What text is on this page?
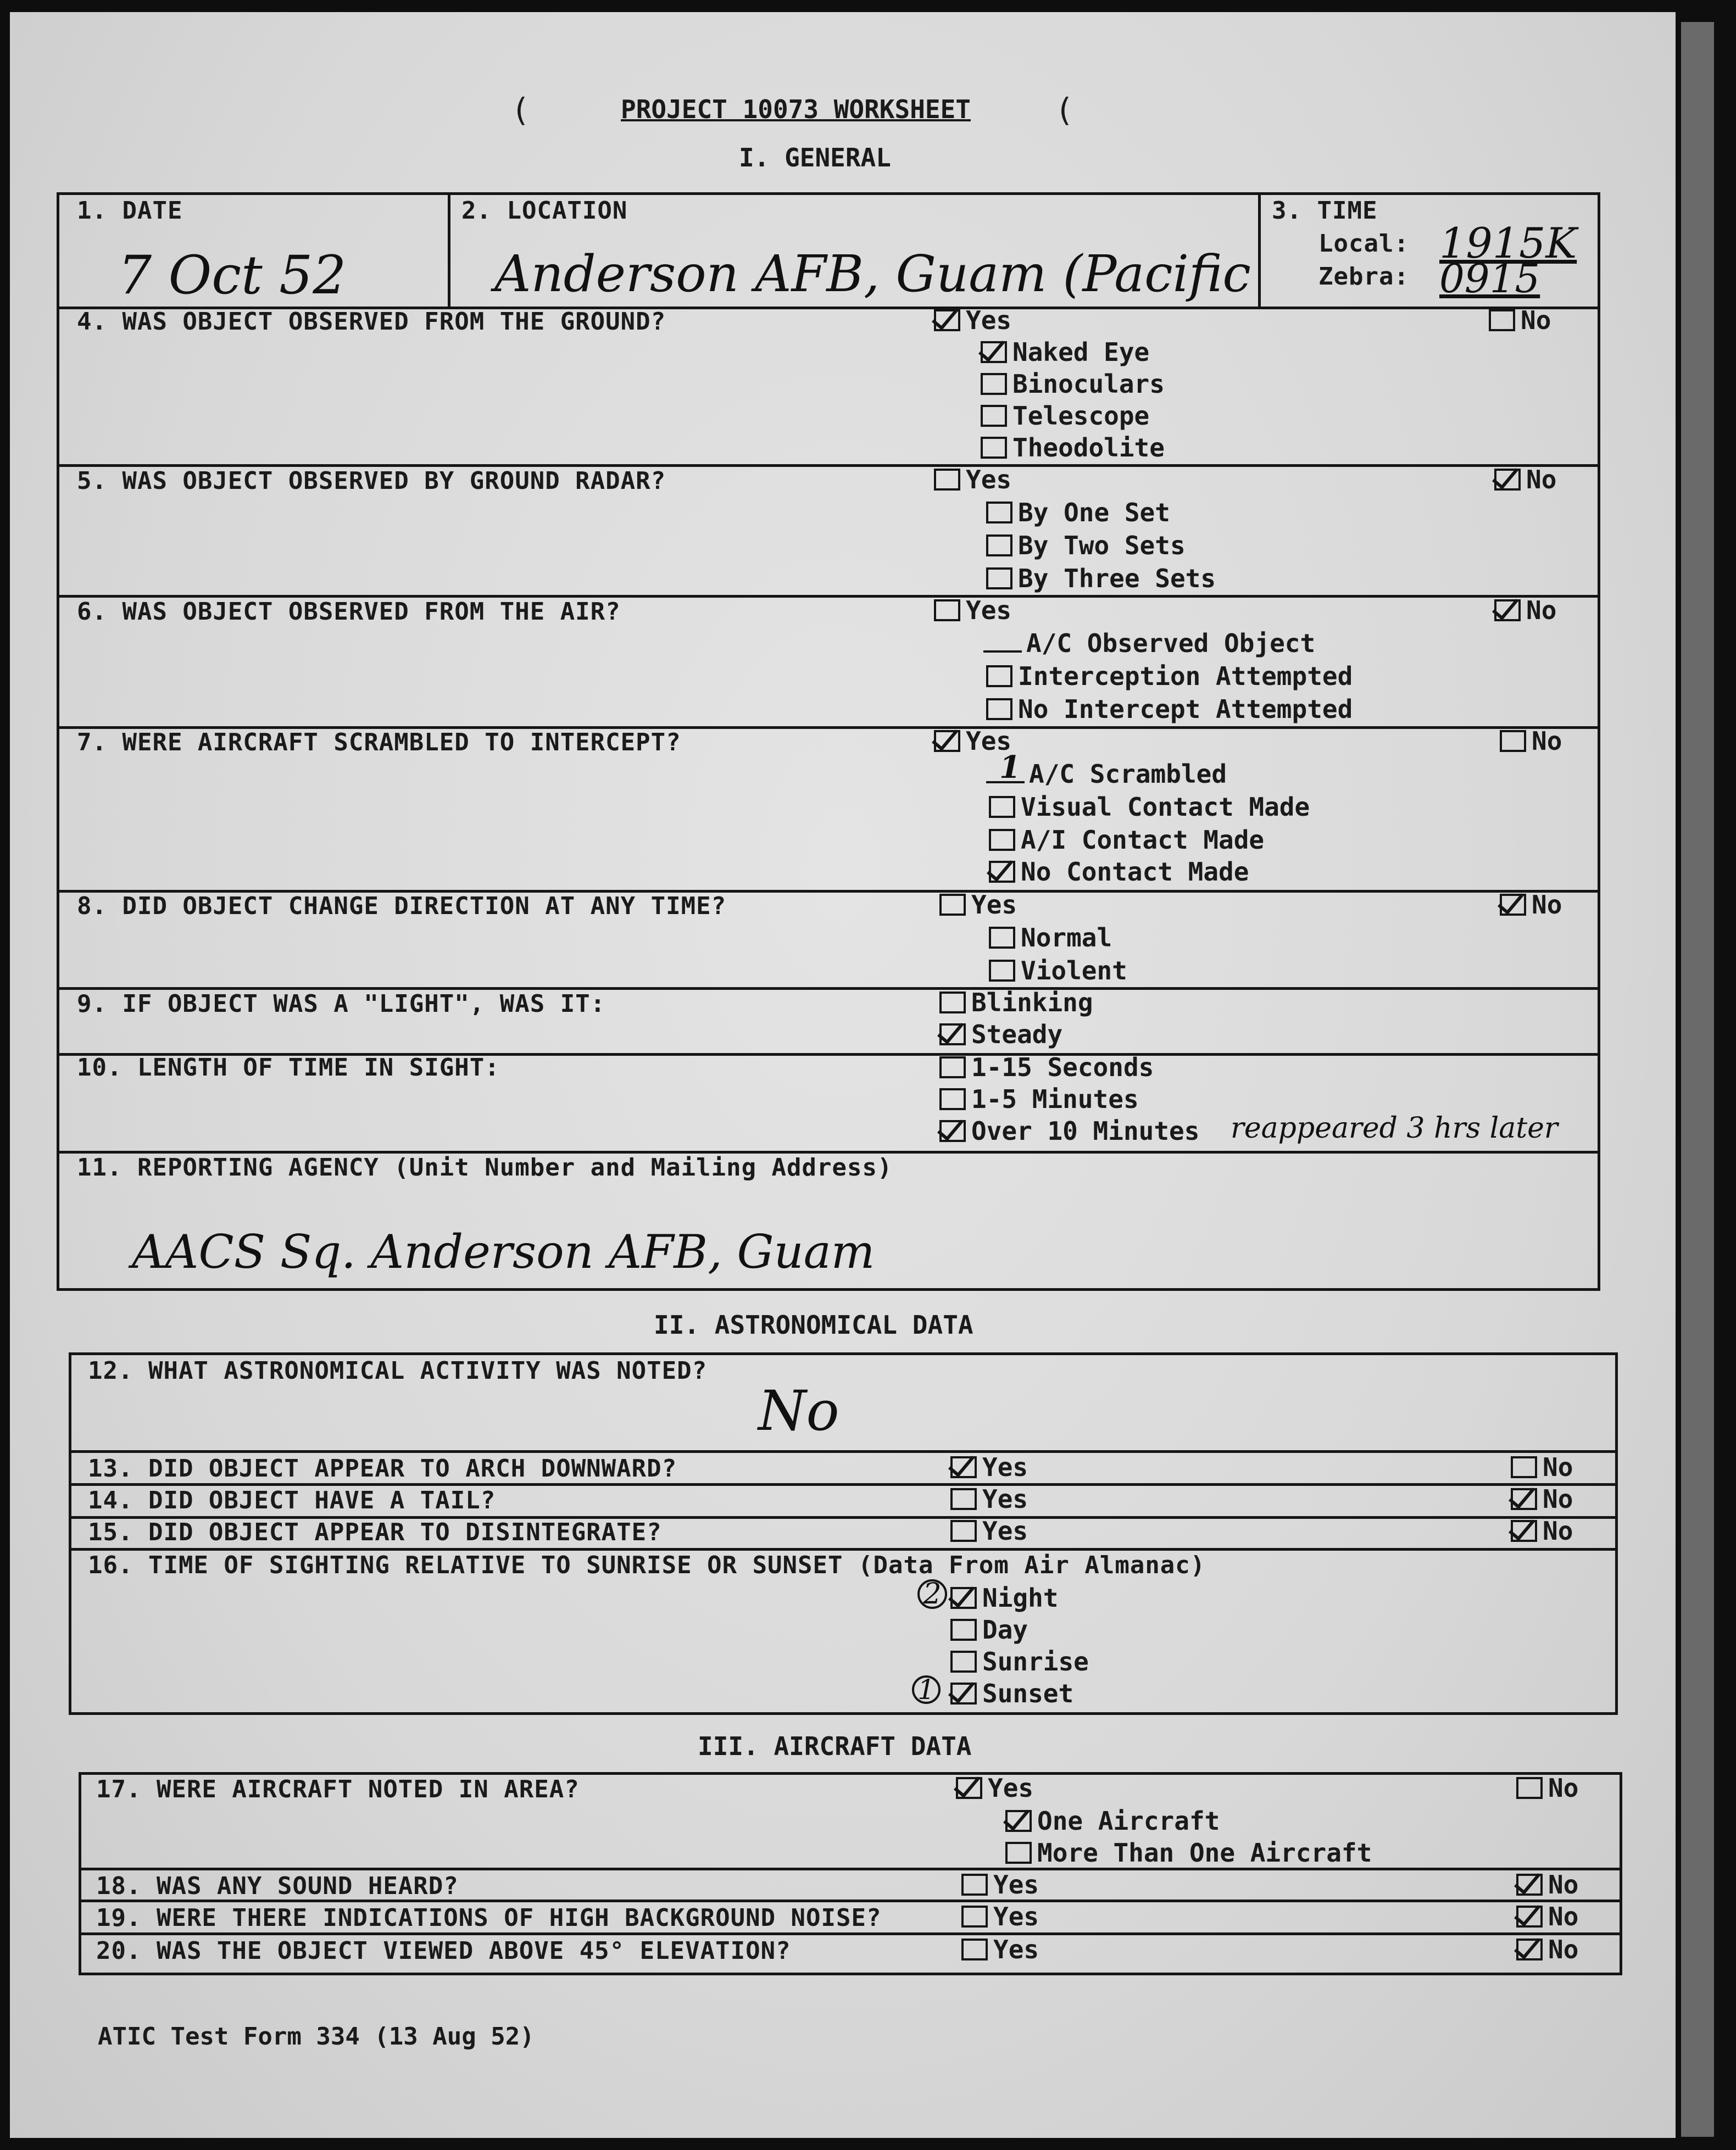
PROJECT 10073 WORKSHEET
(	(
I. GENERAL
1. DATE
7 Oct 52
2. LOCATION
Anderson AFB, Guam (Pacific
3. TIME
Local: 1915K
Zebra: 0915
4. WAS OBJECT OBSERVED FROM THE GROUND?	Yes	No
Naked Eye
Binoculars
Telescope
Theodolite
5. WAS OBJECT OBSERVED BY GROUND RADAR?	Yes	No
By One Set
By Two Sets
By Three Sets
6. WAS OBJECT OBSERVED FROM THE AIR?	Yes	No
A/C Observed Object
Interception Attempted
No Intercept Attempted
7. WERE AIRCRAFT SCRAMBLED TO INTERCEPT?	Yes	No
1 A/C Scrambled
Visual Contact Made
A/I Contact Made
No Contact Made
8. DID OBJECT CHANGE DIRECTION AT ANY TIME?	Yes	No
Normal
Violent
9. IF OBJECT WAS A "LIGHT", WAS IT:	Blinking
Steady
10. LENGTH OF TIME IN SIGHT:	1-15 Seconds
1-5 Minutes
Over 10 Minutes reappeared 3 hrs later
11. REPORTING AGENCY (Unit Number and Mailing Address)
AACS Sq. Anderson AFB, Guam
II. ASTRONOMICAL DATA
12. WHAT ASTRONOMICAL ACTIVITY WAS NOTED?
No
13. DID OBJECT APPEAR TO ARCH DOWNWARD?	Yes	No
14. DID OBJECT HAVE A TAIL?	Yes	No
15. DID OBJECT APPEAR TO DISINTEGRATE?	Yes	No
16. TIME OF SIGHTING RELATIVE TO SUNRISE OR SUNSET (Data From Air Almanac)
2 Night
Day
Sunrise
1 Sunset
III. AIRCRAFT DATA
17. WERE AIRCRAFT NOTED IN AREA?	Yes	No
One Aircraft
More Than One Aircraft
18. WAS ANY SOUND HEARD?	Yes	No
19. WERE THERE INDICATIONS OF HIGH BACKGROUND NOISE?	Yes	No
20. WAS THE OBJECT VIEWED ABOVE 45° ELEVATION?	Yes	No
ATIC Test Form 334 (13 Aug 52)
